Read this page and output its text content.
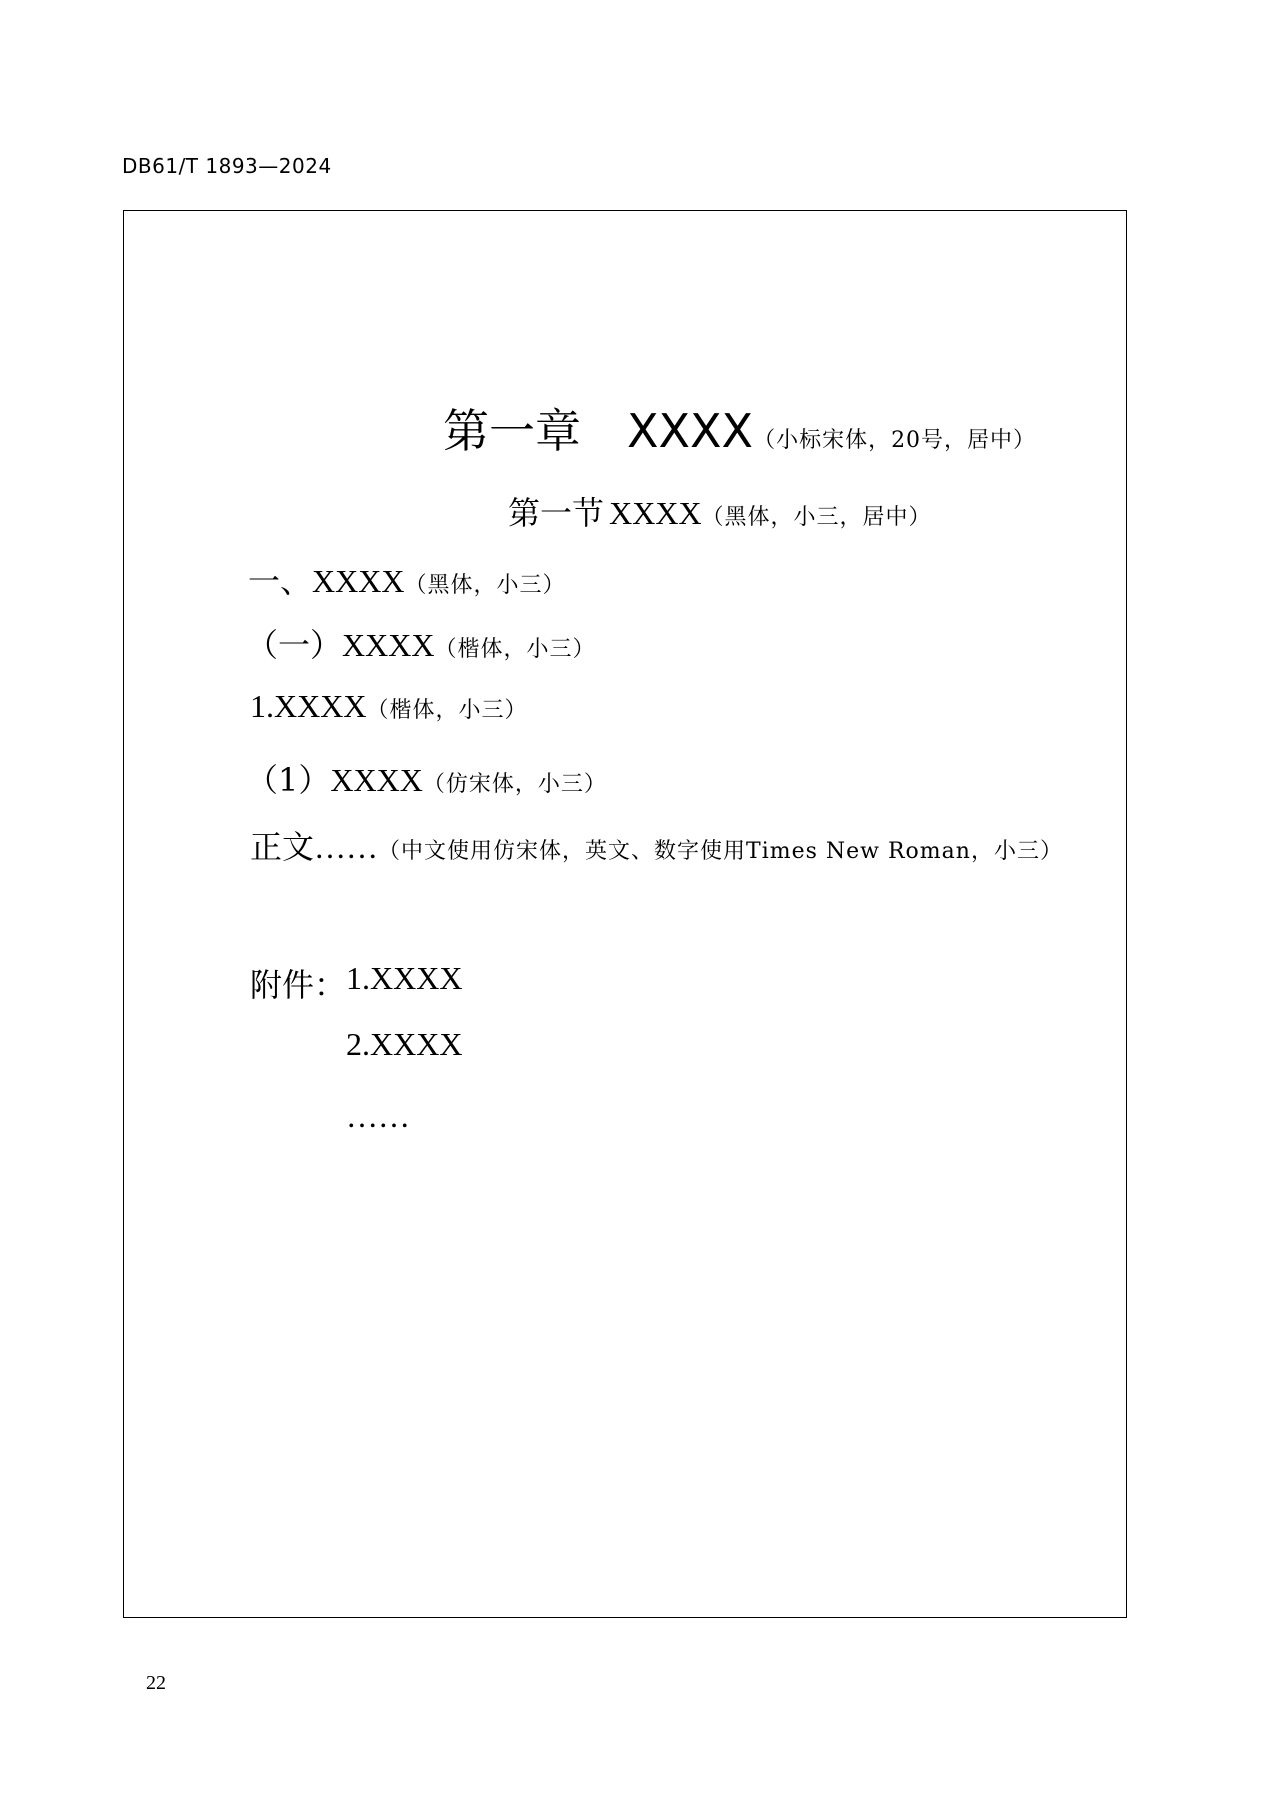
DB61/T 1893—2024
第一章　XXXX（小标宋体，20号，居中）
第一节 XXXX（黑体，小三，居中）
一、XXXX（黑体，小三）
（一）XXXX（楷体，小三）
1.XXXX（楷体，小三）
（1）XXXX（仿宋体，小三）
正文……（中文使用仿宋体，英文、数字使用Times New Roman，小三）
附件： 1.XXXX
2.XXXX
……
22
